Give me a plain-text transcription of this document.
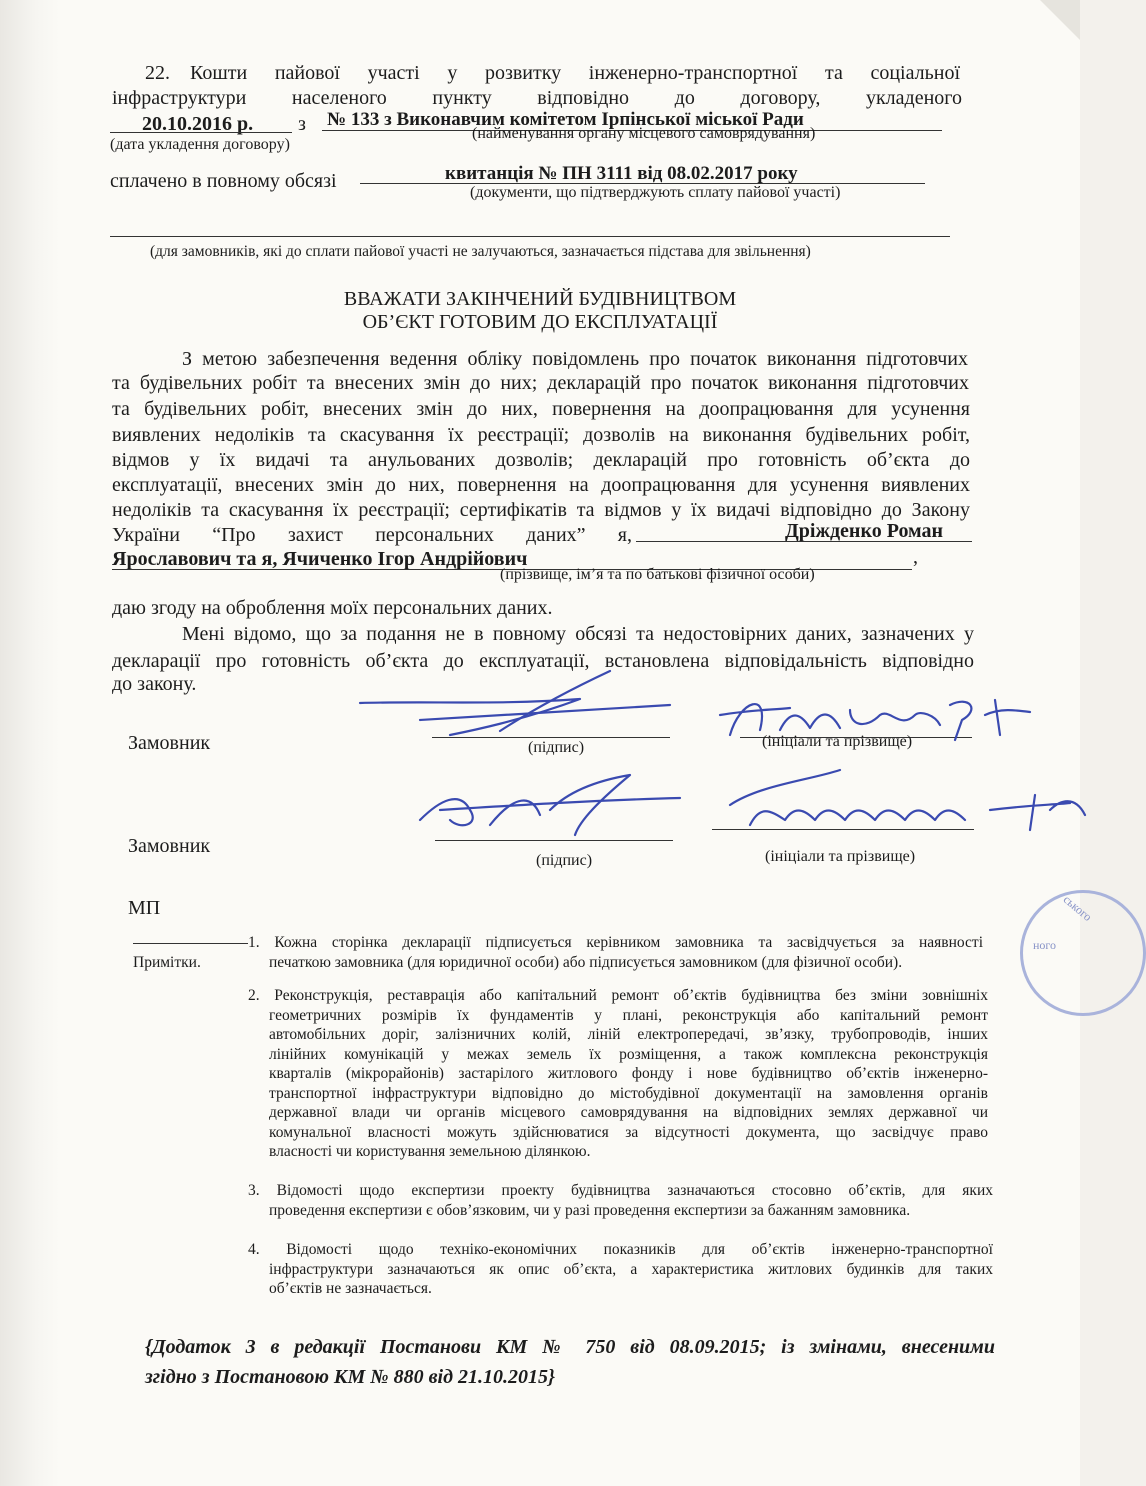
22. Кошти пайової участі у розвитку інженерно-транспортної та соціальної
інфраструктури населеного пункту відповідно до договору, укладеного
20.10.2016 р. з № 133 з Виконавчим комітетом Ірпінської міської Ради
(дата укладення договору)
(найменування органу місцевого самоврядування)
сплачено в повному обсязі	квитанція № ПН 3111 від 08.02.2017 року
(документи, що підтверджують сплату пайової участі)
(для замовників, які до сплати пайової участі не залучаються, зазначається підстава для звільнення)
ВВАЖАТИ ЗАКІНЧЕНИЙ БУДІВНИЦТВОМ
ОБ’ЄКТ ГОТОВИМ ДО ЕКСПЛУАТАЦІЇ
З метою забезпечення ведення обліку повідомлень про початок виконання підготовчих
та будівельних робіт та внесених змін до них; декларацій про початок виконання підготовчих
та будівельних робіт, внесених змін до них, повернення на доопрацювання для усунення
виявлених недоліків та скасування їх реєстрації; дозволів на виконання будівельних робіт,
відмов у їх видачі та анульованих дозволів; декларацій про готовність об’єкта до
експлуатації, внесених змін до них, повернення на доопрацювання для усунення виявлених
недоліків та скасування їх реєстрації; сертифікатів та відмов у їх видачі відповідно до Закону
України “Про захист персональних даних” я,	Дріжденко Роман
Ярославович та я, Ячиченко Ігор Андрійович	,
(прізвище, ім’я та по батькові фізичної особи)
даю згоду на оброблення моїх персональних даних.
Мені відомо, що за подання не в повному обсязі та недостовірних даних, зазначених у
декларації про готовність об’єкта до експлуатації, встановлена відповідальність відповідно
до закону.
Замовник	(підпис)	(ініціали та прізвище)
Замовник
(підпис)	(ініціали та прізвище)
МП
ного
ського
Примітки.
1. Кожна сторінка декларації підписується керівником замовника та засвідчується за наявності
печаткою замовника (для юридичної особи) або підписується замовником (для фізичної особи).
2. Реконструкція, реставрація або капітальний ремонт об’єктів будівництва без зміни зовнішніх
геометричних розмірів їх фундаментів у плані, реконструкція або капітальний ремонт
автомобільних доріг, залізничних колій, ліній електропередачі, зв’язку, трубопроводів, інших
лінійних комунікацій у межах земель їх розміщення, а також комплексна реконструкція
кварталів (мікрорайонів) застарілого житлового фонду і нове будівництво об’єктів інженерно-
транспортної інфраструктури відповідно до містобудівної документації на замовлення органів
державної влади чи органів місцевого самоврядування на відповідних землях державної чи
комунальної власності можуть здійснюватися за відсутності документа, що засвідчує право
власності чи користування земельною ділянкою.
3. Відомості щодо експертизи проекту будівництва зазначаються стосовно об’єктів, для яких
проведення експертизи є обов’язковим, чи у разі проведення експертизи за бажанням замовника.
4. Відомості щодо техніко-економічних показників для об’єктів інженерно-транспортної
інфраструктури зазначаються як опис об’єкта, а характеристика житлових будинків для таких
об’єктів не зазначається.
{Додаток 3 в редакції Постанови КМ № 750 від 08.09.2015; із змінами, внесеними
згідно з Постановою КМ № 880 від 21.10.2015}
